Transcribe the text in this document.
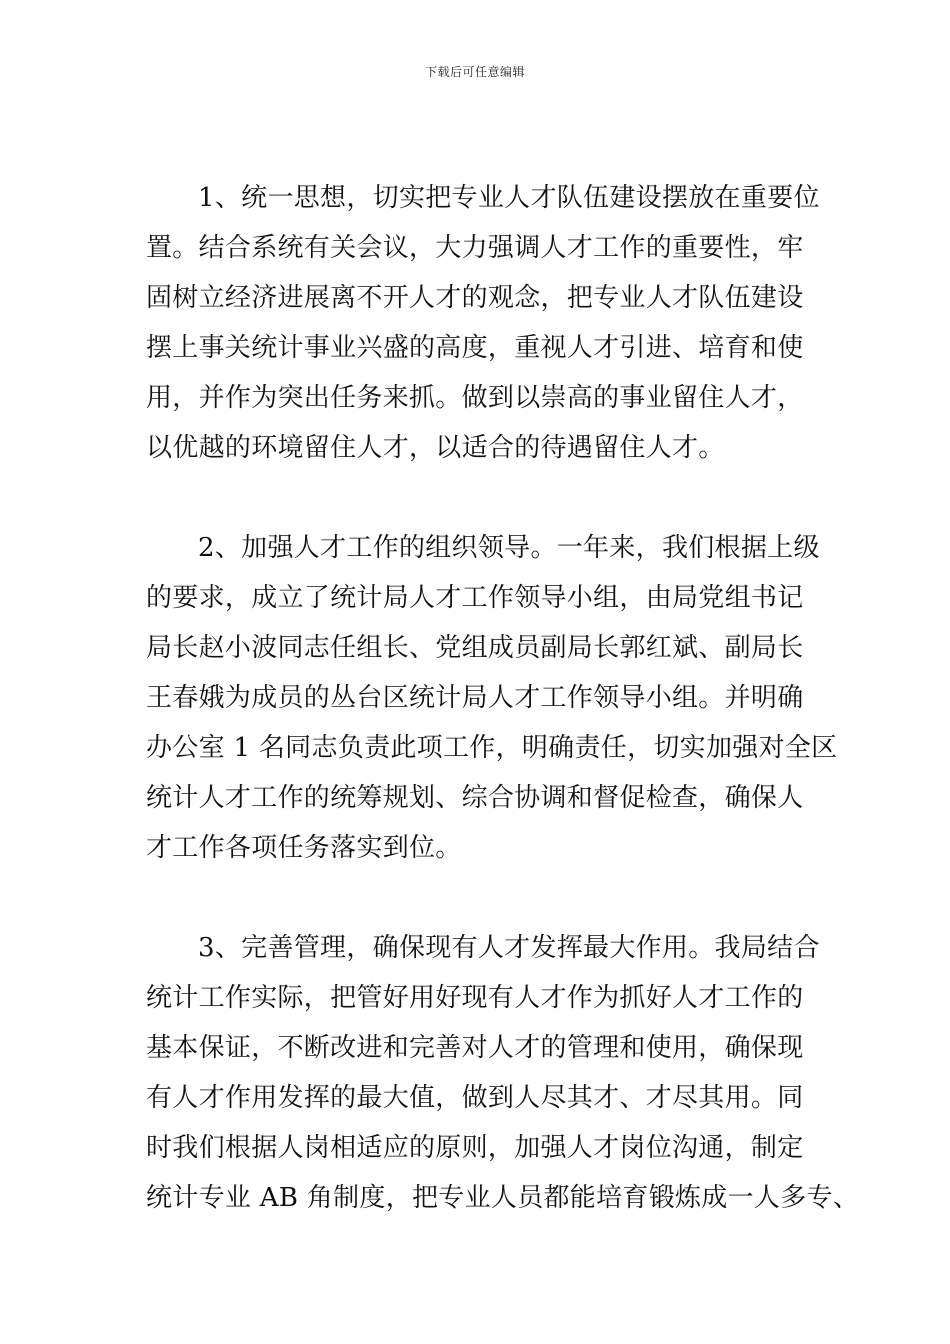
下载后可任意编辑
1、统一思想，切实把专业人才队伍建设摆放在重要位
置。结合系统有关会议，大力强调人才工作的重要性，牢
固树立经济进展离不开人才的观念，把专业人才队伍建设
摆上事关统计事业兴盛的高度，重视人才引进、培育和使
用，并作为突出任务来抓。做到以崇高的事业留住人才，
以优越的环境留住人才，以适合的待遇留住人才。
2、加强人才工作的组织领导。一年来，我们根据上级
的要求，成立了统计局人才工作领导小组，由局党组书记
局长赵小波同志任组长、党组成员副局长郭红斌、副局长
王春娥为成员的丛台区统计局人才工作领导小组。并明确
办公室 1 名同志负责此项工作，明确责任，切实加强对全区
统计人才工作的统筹规划、综合协调和督促检查，确保人
才工作各项任务落实到位。
3、完善管理，确保现有人才发挥最大作用。我局结合
统计工作实际，把管好用好现有人才作为抓好人才工作的
基本保证，不断改进和完善对人才的管理和使用，确保现
有人才作用发挥的最大值，做到人尽其才、才尽其用。同
时我们根据人岗相适应的原则，加强人才岗位沟通，制定
统计专业 AB 角制度，把专业人员都能培育锻炼成一人多专、
